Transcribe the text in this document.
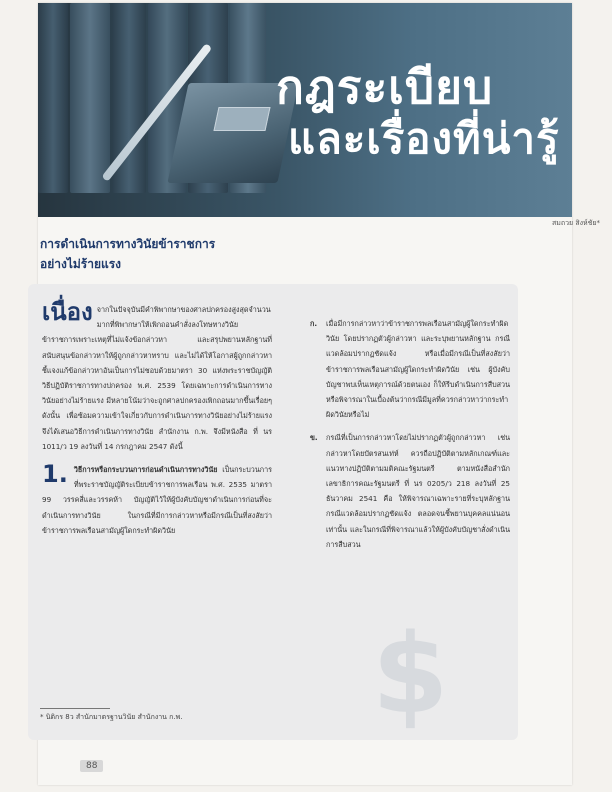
กฎระเบียบ
และเรื่องที่น่ารู้
สมถวย สิงห์ชัย*
การดำเนินการทางวินัยข้าราชการ
อย่างไม่ร้ายแรง

เนื่อง จากในปัจจุบันมีคำพิพากษาของศาลปกครองสูงสุดจำนวนมากที่พิพากษาให้เพิกถอนคำสั่งลงโทษทางวินัยข้าราชการเพราะเหตุที่ไม่แจ้งข้อกล่าวหา และสรุปพยานหลักฐานที่สนับสนุนข้อกล่าวหาให้ผู้ถูกกล่าวหาทราบ และไม่ได้ให้โอกาสผู้ถูกกล่าวหาชี้แจงแก้ข้อกล่าวหาอันเป็นการไม่ชอบด้วยมาตรา 30 แห่งพระราชบัญญัติวิธีปฏิบัติราชการทางปกครอง พ.ศ. 2539 โดยเฉพาะการดำเนินการทางวินัยอย่างไม่ร้ายแรง มีหลายโน้มว่าจะถูกศาลปกครองเพิกถอนมากขึ้นเรื่อยๆ ดังนั้น เพื่อซ้อมความเข้าใจเกี่ยวกับการดำเนินการทางวินัยอย่างไม่ร้ายแรง จึงได้เสนอวิธีการดำเนินการทางวินัย สำนักงาน ก.พ. จึงมีหนังสือ ที่ นร 1011/ว 19 ลงวันที่ 14 กรกฎาคม 2547 ดังนี้

1. วิธีการหรือกระบวนการก่อนดำเนินการทางวินัย เป็นกระบวนการที่พระราชบัญญัติระเบียบข้าราชการพลเรือน พ.ศ. 2535 มาตรา 99 วรรคสี่และวรรคห้า บัญญัติไว้ให้ผู้บังคับบัญชาดำเนินการก่อนที่จะดำเนินการทางวินัย ในกรณีที่มีการกล่าวหาหรือมีกรณีเป็นที่สงสัยว่าข้าราชการพลเรือนสามัญผู้ใดกระทำผิดวินัย

ก. เมื่อมีการกล่าวหาว่าข้าราชการพลเรือนสามัญผู้ใดกระทำผิดวินัย โดยปรากฏตัวผู้กล่าวหา และระบุพยานหลักฐาน กรณีแวดล้อมปรากฏชัดแจ้ง หรือเมื่อมีกรณีเป็นที่สงสัยว่าข้าราชการพลเรือนสามัญผู้ใดกระทำผิดวินัย เช่น ผู้บังคับบัญชาพบเห็นเหตุการณ์ด้วยตนเอง ก็ให้รีบดำเนินการสืบสวนหรือพิจารณาในเบื้องต้นว่ากรณีมีมูลที่ควรกล่าวหาว่ากระทำผิดวินัยหรือไม่
ข. กรณีที่เป็นการกล่าวหาโดยไม่ปรากฏตัวผู้ถูกกล่าวหา เช่น กล่าวหาโดยบัตรสนเท่ห์ ควรถือปฏิบัติตามหลักเกณฑ์และแนวทางปฏิบัติตามมติคณะรัฐมนตรี ตามหนังสือสำนักเลขาธิการคณะรัฐมนตรี ที่ นร 0205/ว 218 ลงวันที่ 25 ธันวาคม 2541 คือ ให้พิจารณาเฉพาะรายที่ระบุหลักฐาน กรณีแวดล้อมปรากฏชัดแจ้ง ตลอดจนชี้พยานบุคคลแน่นอนเท่านั้น และในกรณีที่พิจารณาแล้วให้ผู้บังคับบัญชาสั่งดำเนินการสืบสวน
$
* นิติกร 8ว สำนักมาตรฐานวินัย สำนักงาน ก.พ.
88
